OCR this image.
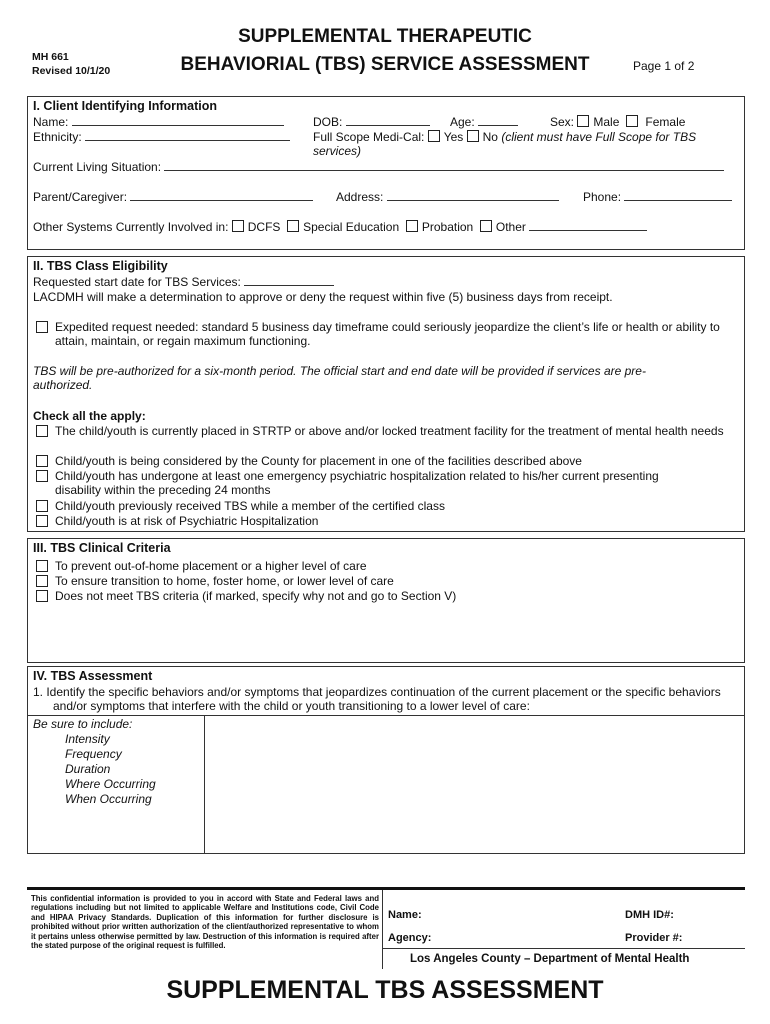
MH 661
Revised 10/1/20
SUPPLEMENTAL THERAPEUTIC
BEHAVIORIAL (TBS) SERVICE ASSESSMENT	Page 1 of 2
I. Client Identifying Information
Name:	DOB:	Age:	Sex: Male Female
Ethnicity:	Full Scope Medi-Cal: Yes No (client must have Full Scope for TBS services)
Current Living Situation:
Parent/Caregiver:	Address:	Phone:
Other Systems Currently Involved in: DCFS Special Education Probation Other
II. TBS Class Eligibility
Requested start date for TBS Services:
LACDMH will make a determination to approve or deny the request within five (5) business days from receipt.
Expedited request needed: standard 5 business day timeframe could seriously jeopardize the client’s life or health or ability to attain, maintain, or regain maximum functioning.
TBS will be pre-authorized for a six-month period. The official start and end date will be provided if services are pre-authorized.
Check all the apply:
The child/youth is currently placed in STRTP or above and/or locked treatment facility for the treatment of mental health needs
Child/youth is being considered by the County for placement in one of the facilities described above
Child/youth has undergone at least one emergency psychiatric hospitalization related to his/her current presenting disability within the preceding 24 months
Child/youth previously received TBS while a member of the certified class
Child/youth is at risk of Psychiatric Hospitalization
III. TBS Clinical Criteria
To prevent out-of-home placement or a higher level of care
To ensure transition to home, foster home, or lower level of care
Does not meet TBS criteria (if marked, specify why not and go to Section V)
IV. TBS Assessment
1. Identify the specific behaviors and/or symptoms that jeopardizes continuation of the current placement or the specific behaviors and/or symptoms that interfere with the child or youth transitioning to a lower level of care:
Be sure to include:
Intensity
Frequency
Duration
Where Occurring
When Occurring
This confidential information is provided to you in accord with State and Federal laws and regulations including but not limited to applicable Welfare and Institutions code, Civil Code and HIPAA Privacy Standards. Duplication of this information for further disclosure is prohibited without prior written authorization of the client/authorized representative to whom it pertains unless otherwise permitted by law. Destruction of this information is required after the stated purpose of the original request is fulfilled.
Name:	DMH ID#:
Agency:	Provider #:
Los Angeles County – Department of Mental Health
SUPPLEMENTAL TBS ASSESSMENT
